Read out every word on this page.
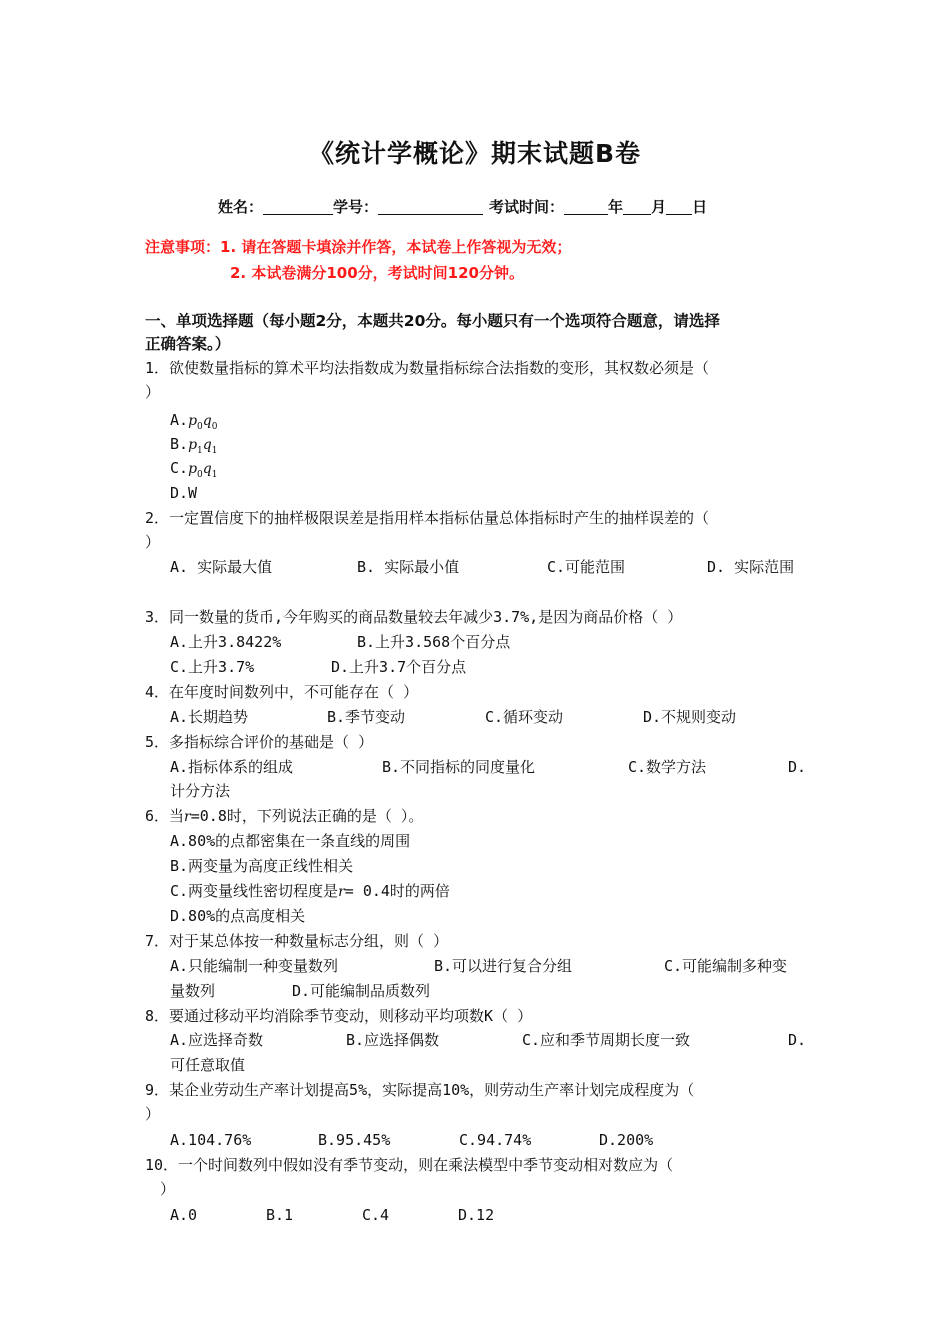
《统计学概论》期末试题B卷
姓名：	学号：	考试时间：	年 月 日
注意事项：1. 请在答题卡填涂并作答，本试卷上作答视为无效；
2. 本试卷满分100分，考试时间120分钟。
一、单项选择题（每小题2分，本题共20分。每小题只有一个选项符合题意，请选择
正确答案。）
1．欲使数量指标的算术平均法指数成为数量指标综合法指数的变形，其权数必须是（
）
$A.p_0q_0$
$B.p_1q_1$
$C.p_0q_1$
D.W
2．一定置信度下的抽样极限误差是指用样本指标估量总体指标时产生的抽样误差的（
）
A. 实际最大值	B. 实际最小值	C.可能范围	D. 实际范围
3．同一数量的货币,今年购买的商品数量较去年减少3.7%,是因为商品价格（ ）
A.上升3.8422%	B.上升3.568个百分点
C.上升3.7%	D.上升3.7个百分点
4．在年度时间数列中，不可能存在（ ）
A.长期趋势	B.季节变动	C.循环变动	D.不规则变动
5．多指标综合评价的基础是（ ）
A.指标体系的组成	B.不同指标的同度量化	C.数学方法	D.
计分方法
6．当r=0.8时，下列说法正确的是（ ）。
A.80%的点都密集在一条直线的周围
B.两变量为高度正线性相关
C.两变量线性密切程度是r= 0.4时的两倍
D.80%的点高度相关
7．对于某总体按一种数量标志分组，则（ ）
A.只能编制一种变量数列	B.可以进行复合分组	C.可能编制多种变
量数列	D.可能编制品质数列
8．要通过移动平均消除季节变动，则移动平均项数K（ ）
A.应选择奇数	B.应选择偶数	C.应和季节周期长度一致	D.
可任意取值
9．某企业劳动生产率计划提高5%，实际提高10%，则劳动生产率计划完成程度为（
）
A.104.76%	B.95.45%	C.94.74%	D.200%
10．一个时间数列中假如没有季节变动，则在乘法模型中季节变动相对数应为（
）
A.0	B.1	C.4	D.12
